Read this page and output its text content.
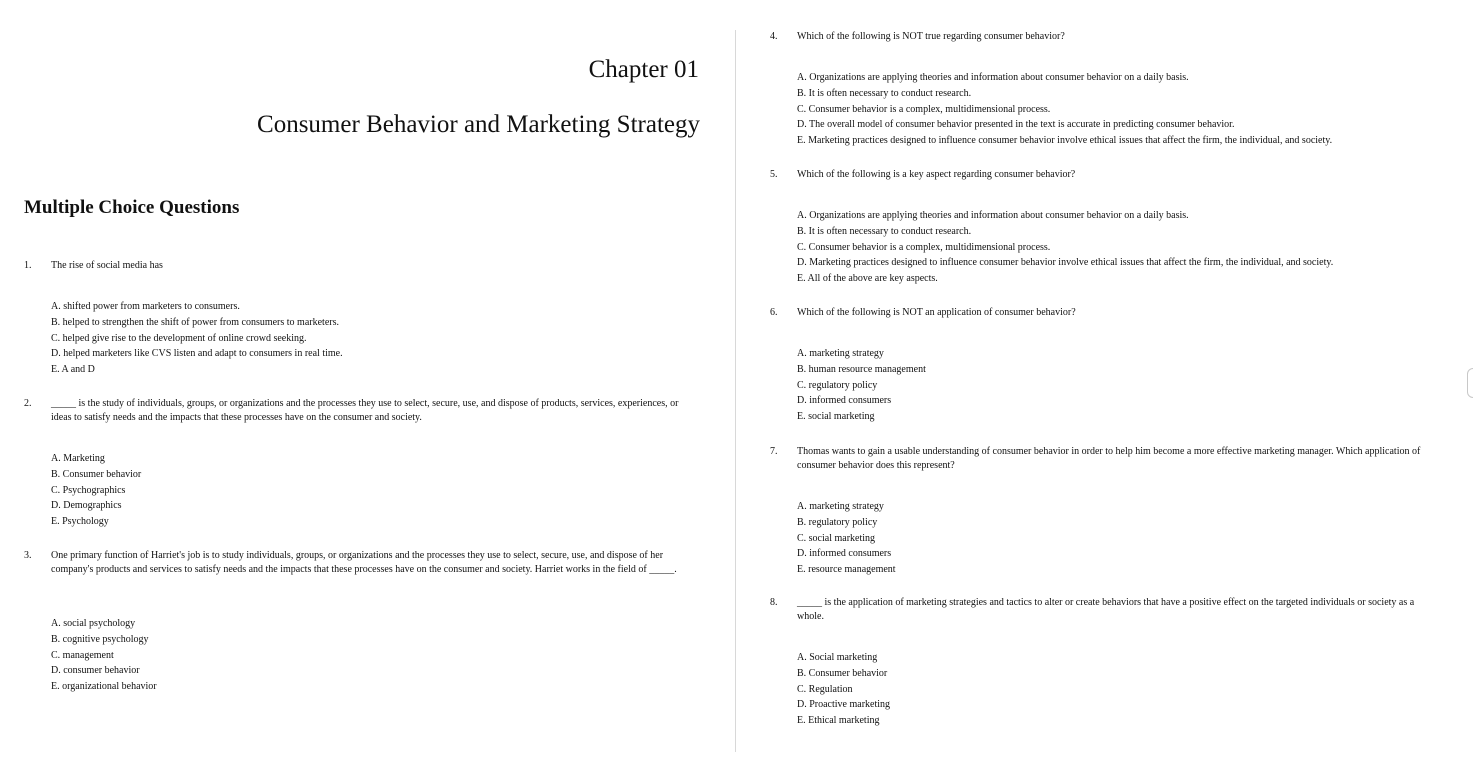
Chapter 01
Consumer Behavior and Marketing Strategy
Multiple Choice Questions
1. The rise of social media has
A. shifted power from marketers to consumers.
B. helped to strengthen the shift of power from consumers to marketers.
C. helped give rise to the development of online crowd seeking.
D. helped marketers like CVS listen and adapt to consumers in real time.
E. A and D
2. _____ is the study of individuals, groups, or organizations and the processes they use to select, secure, use, and dispose of products, services, experiences, or ideas to satisfy needs and the impacts that these processes have on the consumer and society.
A. Marketing
B. Consumer behavior
C. Psychographics
D. Demographics
E. Psychology
3. One primary function of Harriet's job is to study individuals, groups, or organizations and the processes they use to select, secure, use, and dispose of her company's products and services to satisfy needs and the impacts that these processes have on the consumer and society. Harriet works in the field of _____.
A. social psychology
B. cognitive psychology
C. management
D. consumer behavior
E. organizational behavior
4. Which of the following is NOT true regarding consumer behavior?
A. Organizations are applying theories and information about consumer behavior on a daily basis.
B. It is often necessary to conduct research.
C. Consumer behavior is a complex, multidimensional process.
D. The overall model of consumer behavior presented in the text is accurate in predicting consumer behavior.
E. Marketing practices designed to influence consumer behavior involve ethical issues that affect the firm, the individual, and society.
5. Which of the following is a key aspect regarding consumer behavior?
A. Organizations are applying theories and information about consumer behavior on a daily basis.
B. It is often necessary to conduct research.
C. Consumer behavior is a complex, multidimensional process.
D. Marketing practices designed to influence consumer behavior involve ethical issues that affect the firm, the individual, and society.
E. All of the above are key aspects.
6. Which of the following is NOT an application of consumer behavior?
A. marketing strategy
B. human resource management
C. regulatory policy
D. informed consumers
E. social marketing
7. Thomas wants to gain a usable understanding of consumer behavior in order to help him become a more effective marketing manager. Which application of consumer behavior does this represent?
A. marketing strategy
B. regulatory policy
C. social marketing
D. informed consumers
E. resource management
8. _____ is the application of marketing strategies and tactics to alter or create behaviors that have a positive effect on the targeted individuals or society as a whole.
A. Social marketing
B. Consumer behavior
C. Regulation
D. Proactive marketing
E. Ethical marketing
